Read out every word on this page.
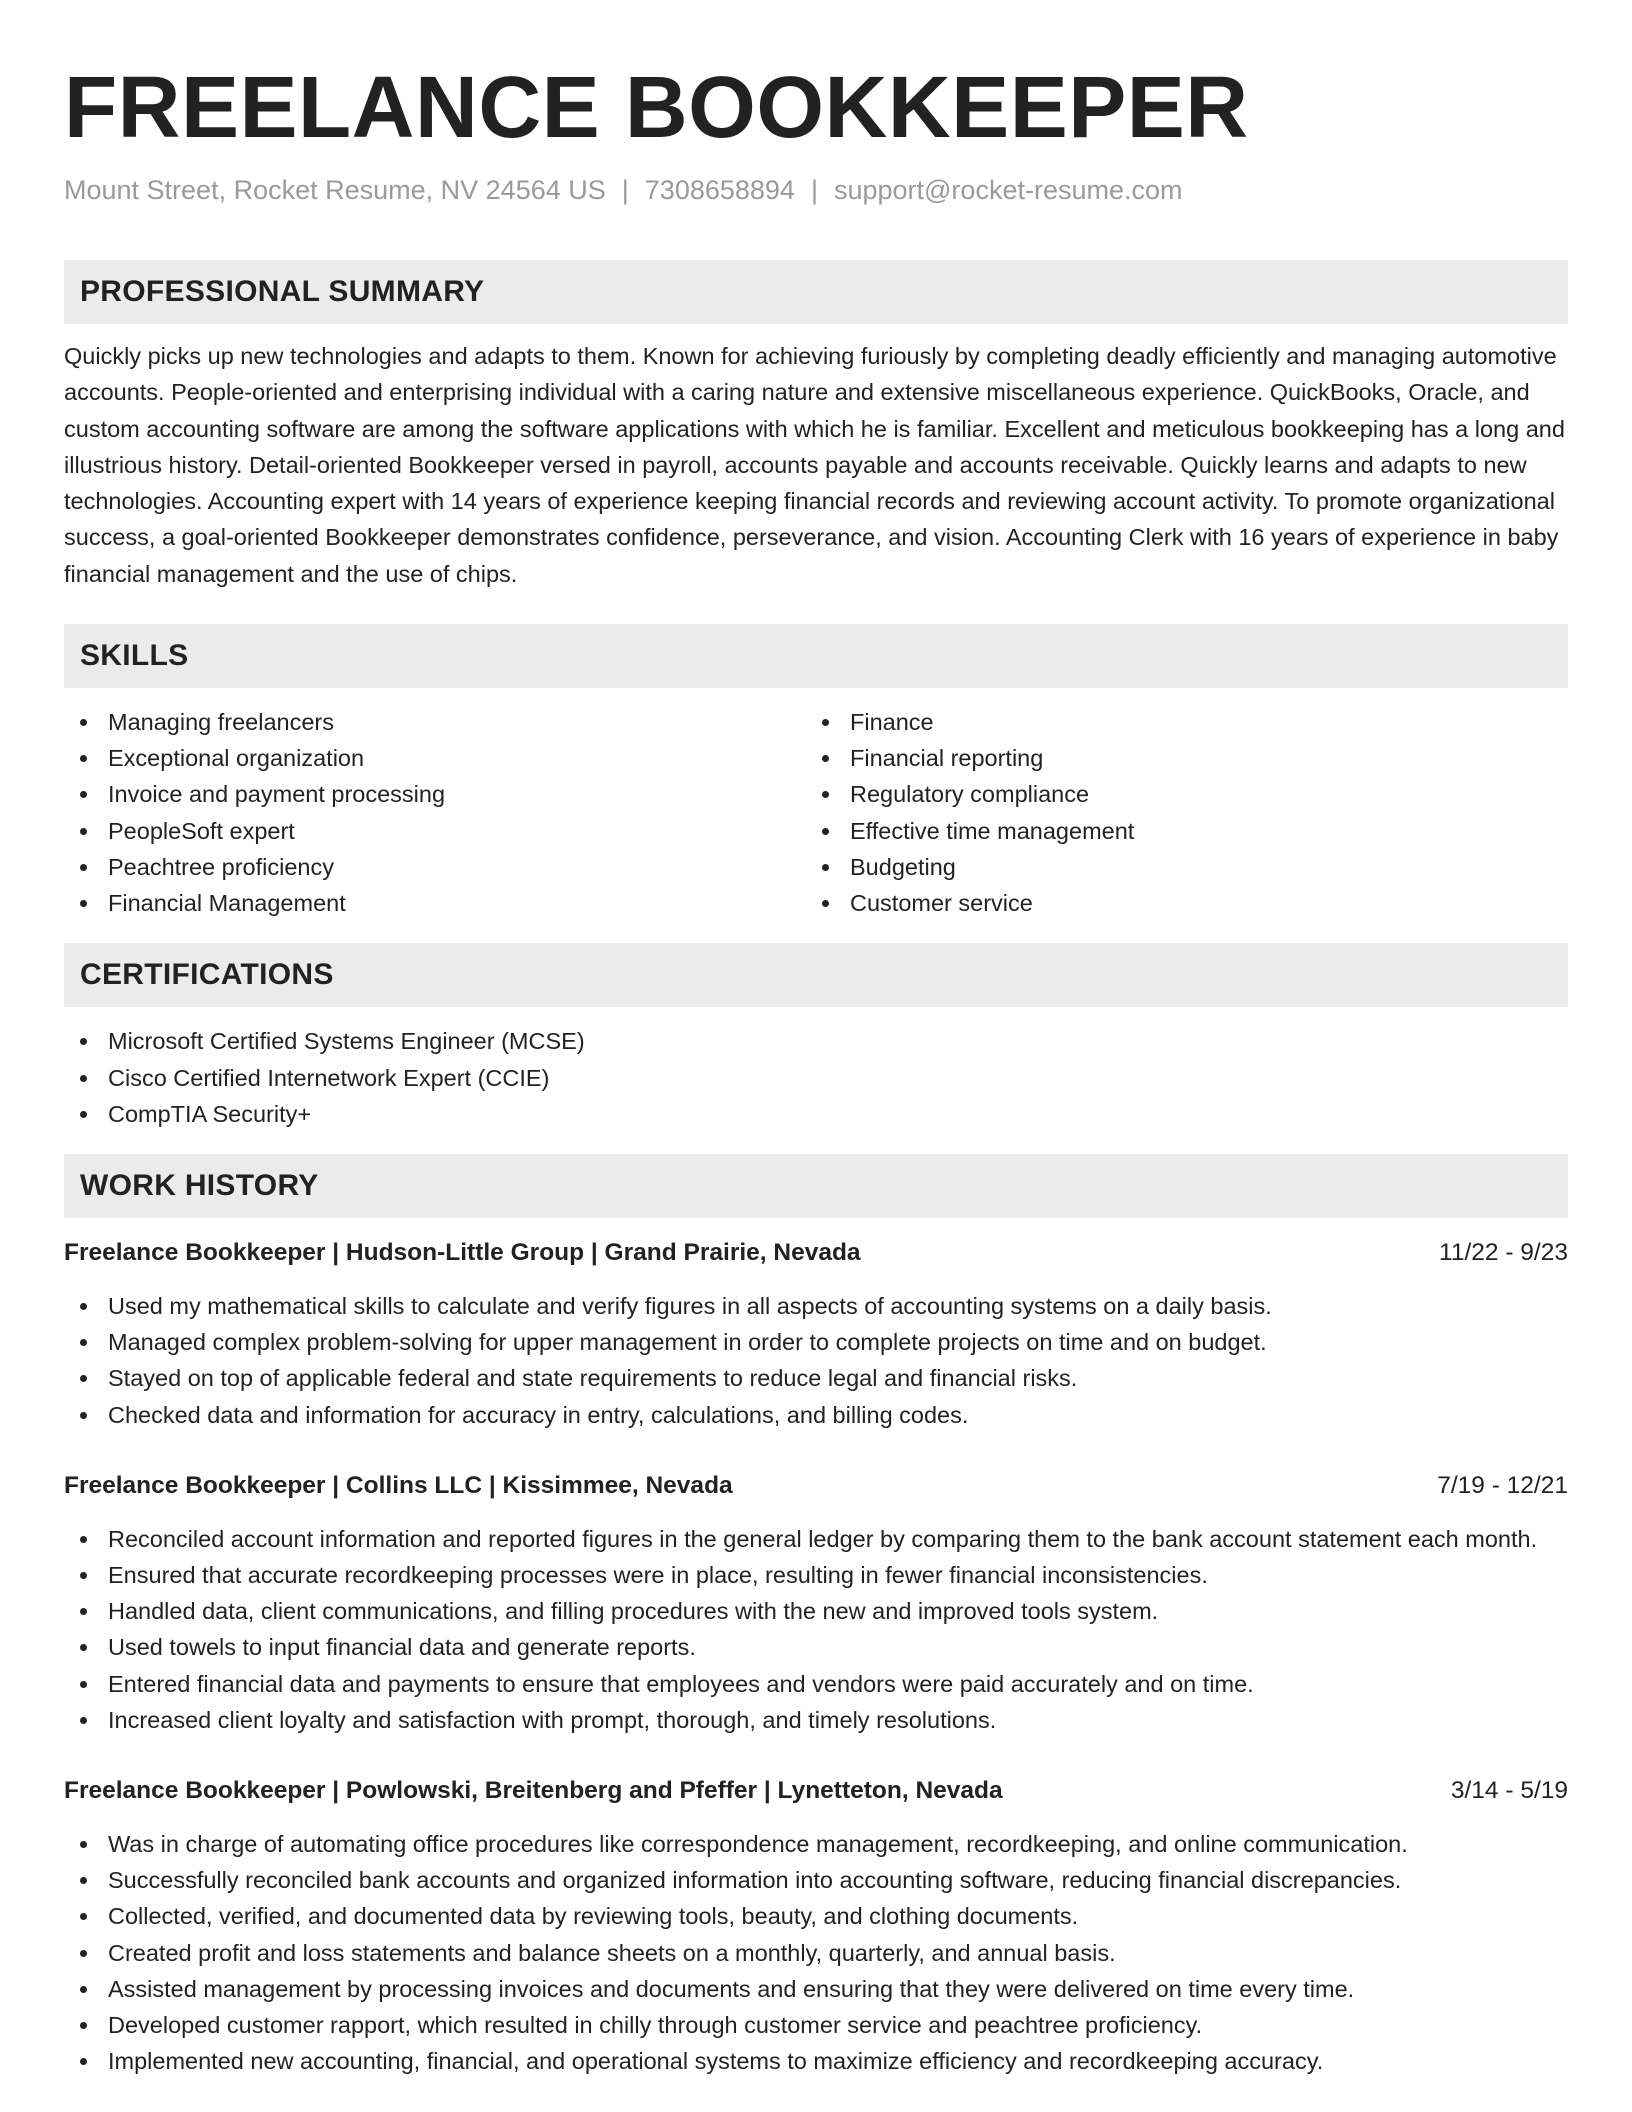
FREELANCE BOOKKEEPER
Mount Street, Rocket Resume, NV 24564 US | 7308658894 | support@rocket-resume.com
PROFESSIONAL SUMMARY
Quickly picks up new technologies and adapts to them. Known for achieving furiously by completing deadly efficiently and managing automotive accounts. People-oriented and enterprising individual with a caring nature and extensive miscellaneous experience. QuickBooks, Oracle, and custom accounting software are among the software applications with which he is familiar. Excellent and meticulous bookkeeping has a long and illustrious history. Detail-oriented Bookkeeper versed in payroll, accounts payable and accounts receivable. Quickly learns and adapts to new technologies. Accounting expert with 14 years of experience keeping financial records and reviewing account activity. To promote organizational success, a goal-oriented Bookkeeper demonstrates confidence, perseverance, and vision. Accounting Clerk with 16 years of experience in baby financial management and the use of chips.
SKILLS
Managing freelancers
Exceptional organization
Invoice and payment processing
PeopleSoft expert
Peachtree proficiency
Financial Management
Finance
Financial reporting
Regulatory compliance
Effective time management
Budgeting
Customer service
CERTIFICATIONS
Microsoft Certified Systems Engineer (MCSE)
Cisco Certified Internetwork Expert (CCIE)
CompTIA Security+
WORK HISTORY
Freelance Bookkeeper | Hudson-Little Group | Grand Prairie, Nevada	11/22 - 9/23
Used my mathematical skills to calculate and verify figures in all aspects of accounting systems on a daily basis.
Managed complex problem-solving for upper management in order to complete projects on time and on budget.
Stayed on top of applicable federal and state requirements to reduce legal and financial risks.
Checked data and information for accuracy in entry, calculations, and billing codes.
Freelance Bookkeeper | Collins LLC | Kissimmee, Nevada	7/19 - 12/21
Reconciled account information and reported figures in the general ledger by comparing them to the bank account statement each month.
Ensured that accurate recordkeeping processes were in place, resulting in fewer financial inconsistencies.
Handled data, client communications, and filling procedures with the new and improved tools system.
Used towels to input financial data and generate reports.
Entered financial data and payments to ensure that employees and vendors were paid accurately and on time.
Increased client loyalty and satisfaction with prompt, thorough, and timely resolutions.
Freelance Bookkeeper | Powlowski, Breitenberg and Pfeffer | Lynetteton, Nevada	3/14 - 5/19
Was in charge of automating office procedures like correspondence management, recordkeeping, and online communication.
Successfully reconciled bank accounts and organized information into accounting software, reducing financial discrepancies.
Collected, verified, and documented data by reviewing tools, beauty, and clothing documents.
Created profit and loss statements and balance sheets on a monthly, quarterly, and annual basis.
Assisted management by processing invoices and documents and ensuring that they were delivered on time every time.
Developed customer rapport, which resulted in chilly through customer service and peachtree proficiency.
Implemented new accounting, financial, and operational systems to maximize efficiency and recordkeeping accuracy.
